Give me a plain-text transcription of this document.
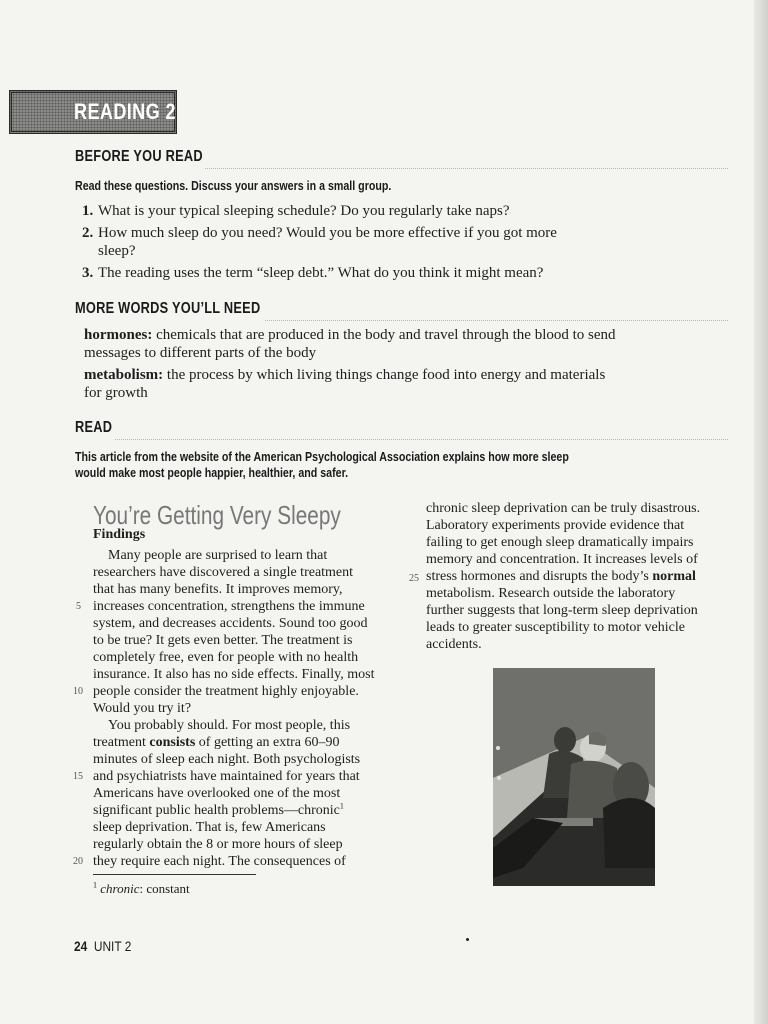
READING 2
BEFORE YOU READ
Read these questions. Discuss your answers in a small group.
1. What is your typical sleeping schedule? Do you regularly take naps?
2. How much sleep do you need? Would you be more effective if you got more sleep?
3. The reading uses the term “sleep debt.” What do you think it might mean?
MORE WORDS YOU’LL NEED
hormones: chemicals that are produced in the body and travel through the blood to send messages to different parts of the body
metabolism: the process by which living things change food into energy and materials for growth
READ
This article from the website of the American Psychological Association explains how more sleep
would make most people happier, healthier, and safer.
You’re Getting Very Sleepy
Findings
Many people are surprised to learn that
researchers have discovered a single treatment
that has many benefits. It improves memory,
increases concentration, strengthens the immune
system, and decreases accidents. Sound too good
to be true? It gets even better. The treatment is
completely free, even for people with no health
insurance. It also has no side effects. Finally, most
people consider the treatment highly enjoyable.
Would you try it?
You probably should. For most people, this
treatment consists of getting an extra 60–90
minutes of sleep each night. Both psychologists
and psychiatrists have maintained for years that
Americans have overlooked one of the most
significant public health problems—chronic$^1$
sleep deprivation. That is, few Americans
regularly obtain the 8 or more hours of sleep
they require each night. The consequences of
5
10
15
20
25
chronic sleep deprivation can be truly disastrous.
Laboratory experiments provide evidence that
failing to get enough sleep dramatically impairs
memory and concentration. It increases levels of
stress hormones and disrupts the body’s normal
metabolism. Research outside the laboratory
further suggests that long-term sleep deprivation
leads to greater susceptibility to motor vehicle
accidents.
$^1$ chronic: constant
24 UNIT 2
